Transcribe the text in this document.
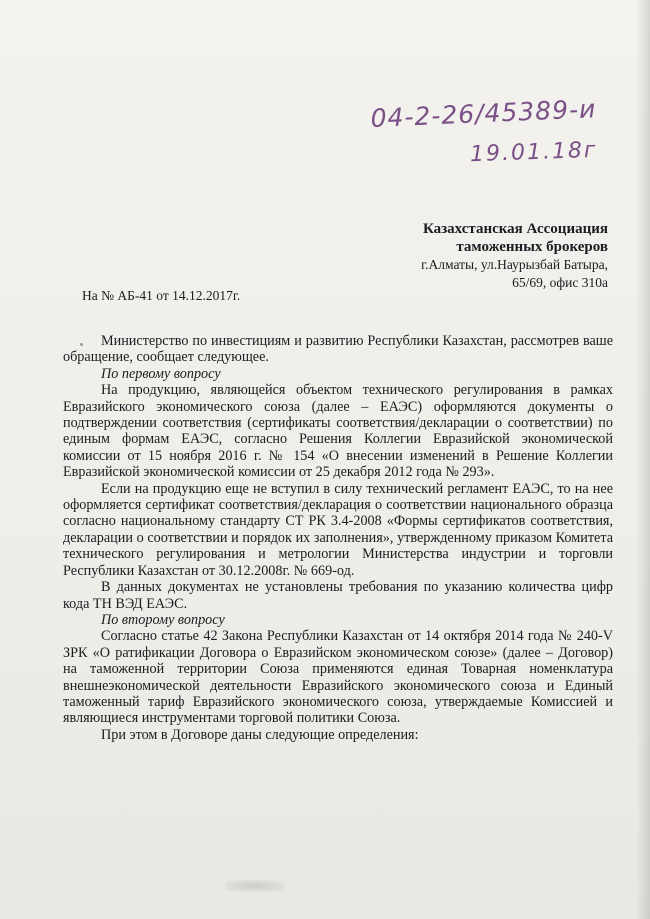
04-2-26/45389-и
19.01.18г
Казахстанская Ассоциация
таможенных брокеров
г.Алматы, ул.Наурызбай Батыра,
65/69, офис 310а
На № АБ-41 от 14.12.2017г.

Министерство по инвестициям и развитию Республики Казахстан, рассмотрев ваше обращение, сообщает следующее.

По первому вопросу

На продукцию, являющейся объектом технического регулирования в рамках Евразийского экономического союза (далее – ЕАЭС) оформляются документы о подтверждении соответствия (сертификаты соответствия/декларации о соответствии) по единым формам ЕАЭС, согласно Решения Коллегии Евразийской экономической комиссии от 15 ноября 2016 г. № 154 «О внесении изменений в Решение Коллегии Евразийской экономической комиссии от 25 декабря 2012 года № 293».

Если на продукцию еще не вступил в силу технический регламент ЕАЭС, то на нее оформляется сертификат соответствия/декларация о соответствии национального образца согласно национальному стандарту СТ РК 3.4-2008 «Формы сертификатов соответствия, декларации о соответствии и порядок их заполнения», утвержденному приказом Комитета технического регулирования и метрологии Министерства индустрии и торговли Республики Казахстан от 30.12.2008г. № 669-од.

В данных документах не установлены требования по указанию количества цифр кода ТН ВЭД ЕАЭС.

По второму вопросу

Согласно статье 42 Закона Республики Казахстан от 14 октября 2014 года № 240-V ЗРК «О ратификации Договора о Евразийском экономическом союзе» (далее – Договор) на таможенной территории Союза применяются единая Товарная номенклатура внешнеэкономической деятельности Евразийского экономического союза и Единый таможенный тариф Евразийского экономического союза, утверждаемые Комиссией и являющиеся инструментами торговой политики Союза.

При этом в Договоре даны следующие определения:
